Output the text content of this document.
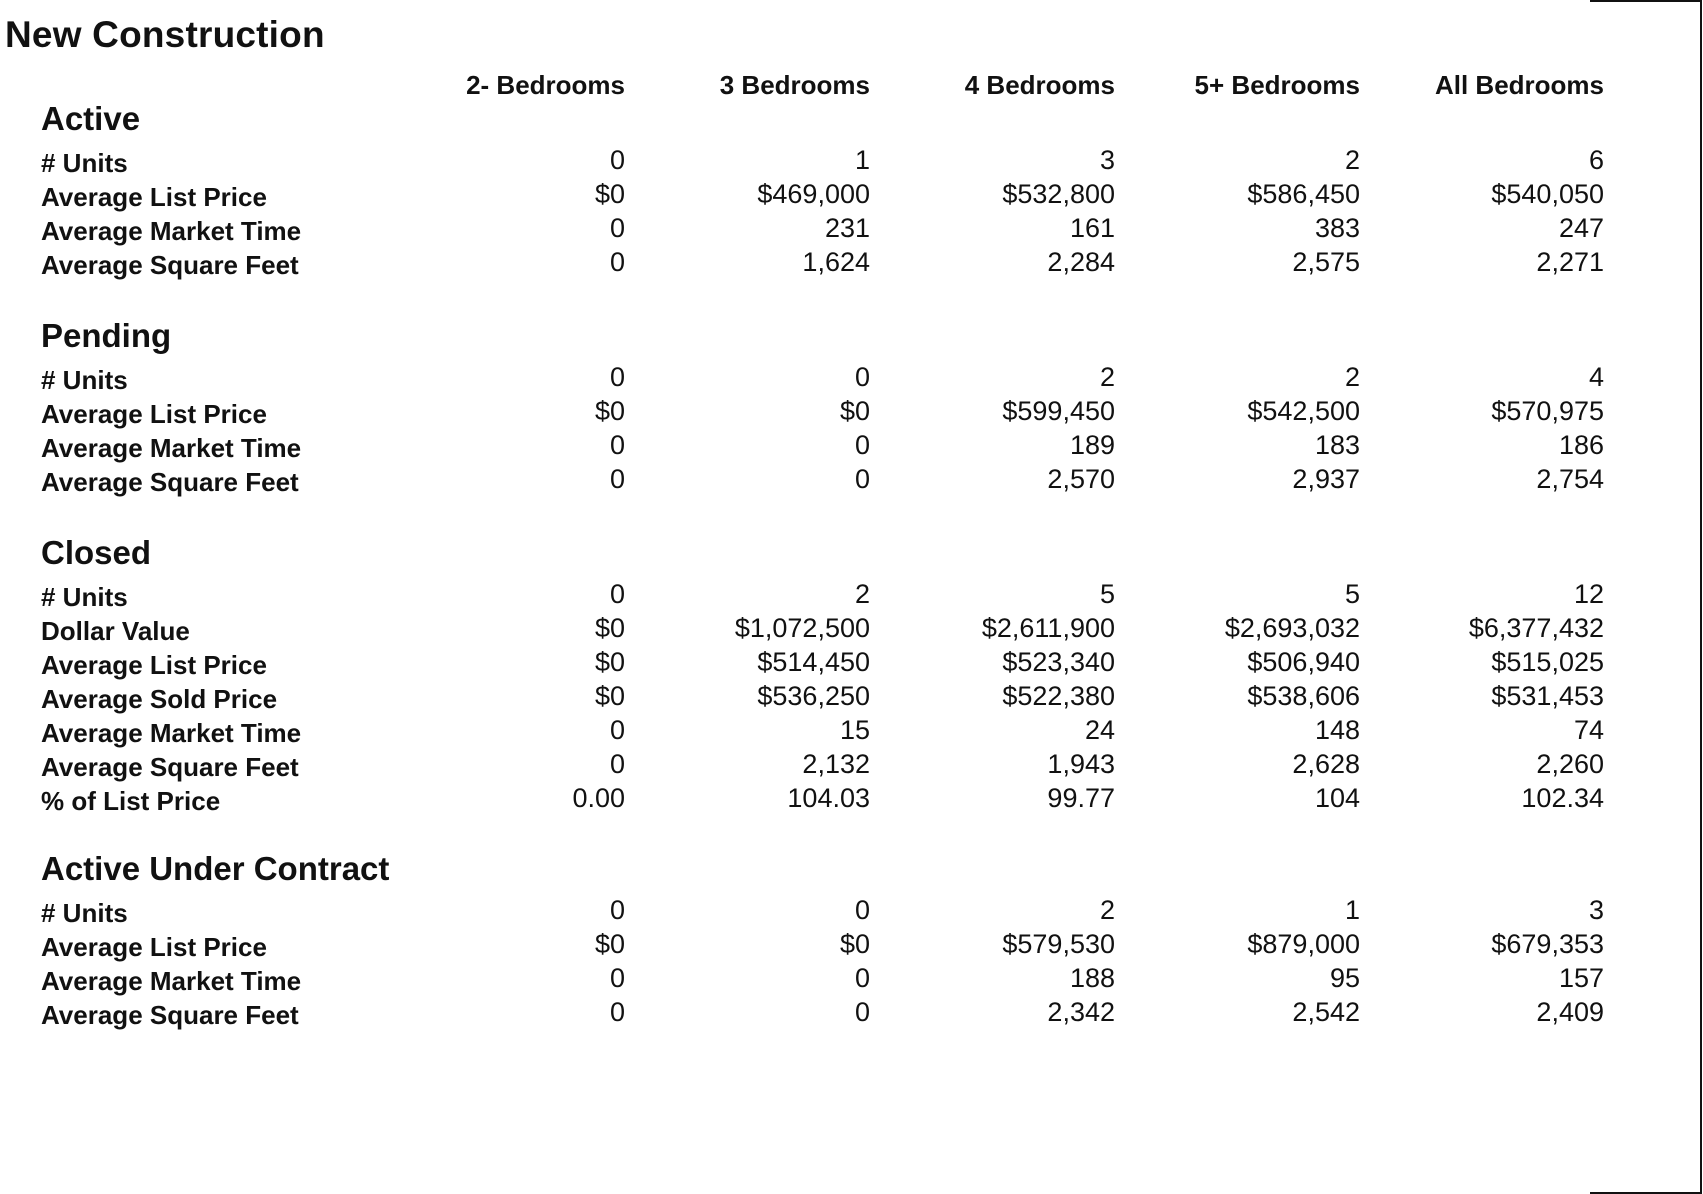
New Construction
2- Bedrooms	3 Bedrooms	4 Bedrooms	5+ Bedrooms	All Bedrooms
Active
# Units	0	1	3	2	6
Average List Price	$0	$469,000	$532,800	$586,450	$540,050
Average Market Time	0	231	161	383	247
Average Square Feet	0	1,624	2,284	2,575	2,271
Pending
# Units	0	0	2	2	4
Average List Price	$0	$0	$599,450	$542,500	$570,975
Average Market Time	0	0	189	183	186
Average Square Feet	0	0	2,570	2,937	2,754
Closed
# Units	0	2	5	5	12
Dollar Value	$0	$1,072,500	$2,611,900	$2,693,032	$6,377,432
Average List Price	$0	$514,450	$523,340	$506,940	$515,025
Average Sold Price	$0	$536,250	$522,380	$538,606	$531,453
Average Market Time	0	15	24	148	74
Average Square Feet	0	2,132	1,943	2,628	2,260
% of List Price	0.00	104.03	99.77	104	102.34
Active Under Contract
# Units	0	0	2	1	3
Average List Price	$0	$0	$579,530	$879,000	$679,353
Average Market Time	0	0	188	95	157
Average Square Feet	0	0	2,342	2,542	2,409
